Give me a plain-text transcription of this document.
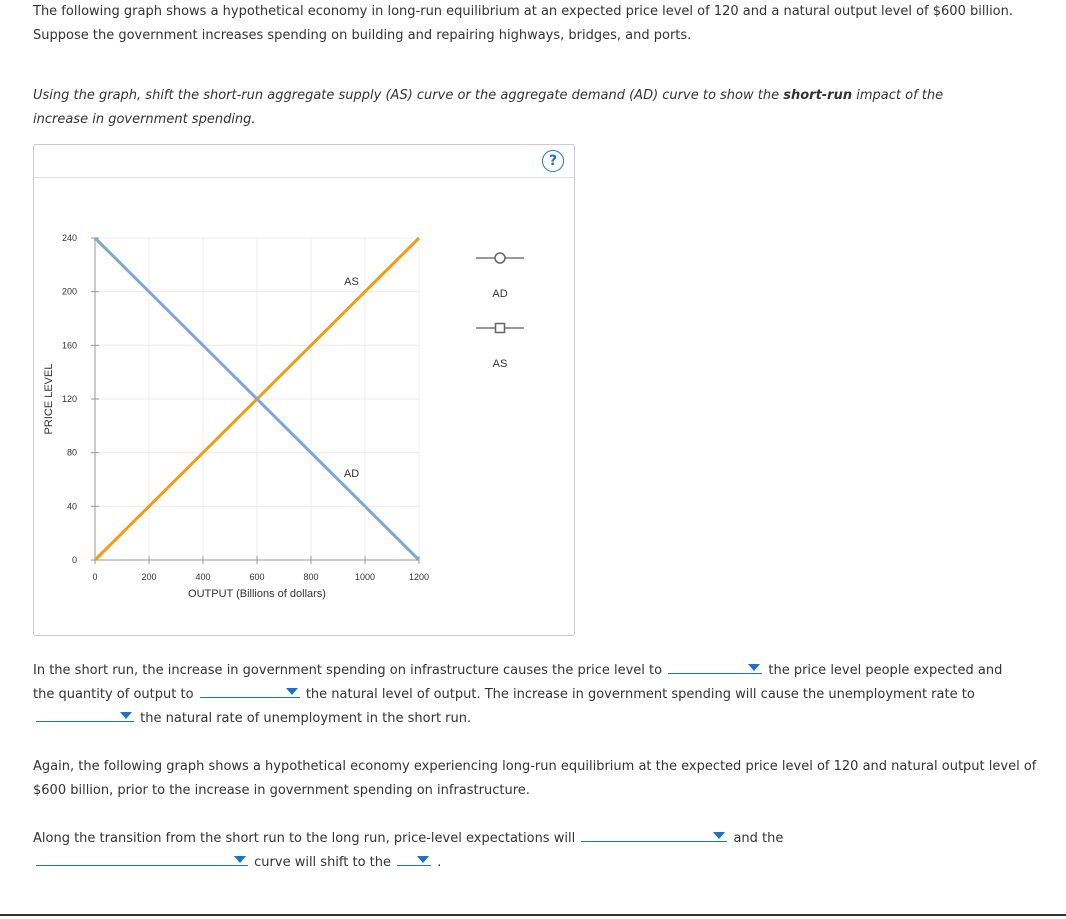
The following graph shows a hypothetical economy in long-run equilibrium at an expected price level of 120 and a natural output level of $600 billion.
Suppose the government increases spending on building and repairing highways, bridges, and ports.
Using the graph, shift the short-run aggregate supply (AS) curve or the aggregate demand (AD) curve to show the short-run impact of the increase in government spending.
?
OUTPUT (Billions of dollars)
PRICE LEVEL
0	200	400	600	800	1000	1200
0
40
80
120
160
200
240
AS
AD
AD
AS
In the short run, the increase in government spending on infrastructure causes the price level to	the price level people expected and
the quantity of output to	the natural level of output. The increase in government spending will cause the unemployment rate to

the natural rate of unemployment in the short run.
Again, the following graph shows a hypothetical economy experiencing long-run equilibrium at the expected price level of 120 and natural output level of $600 billion, prior to the increase in government spending on infrastructure.
Along the transition from the short run to the long run, price-level expectations will	and the

curve will shift to the	.
